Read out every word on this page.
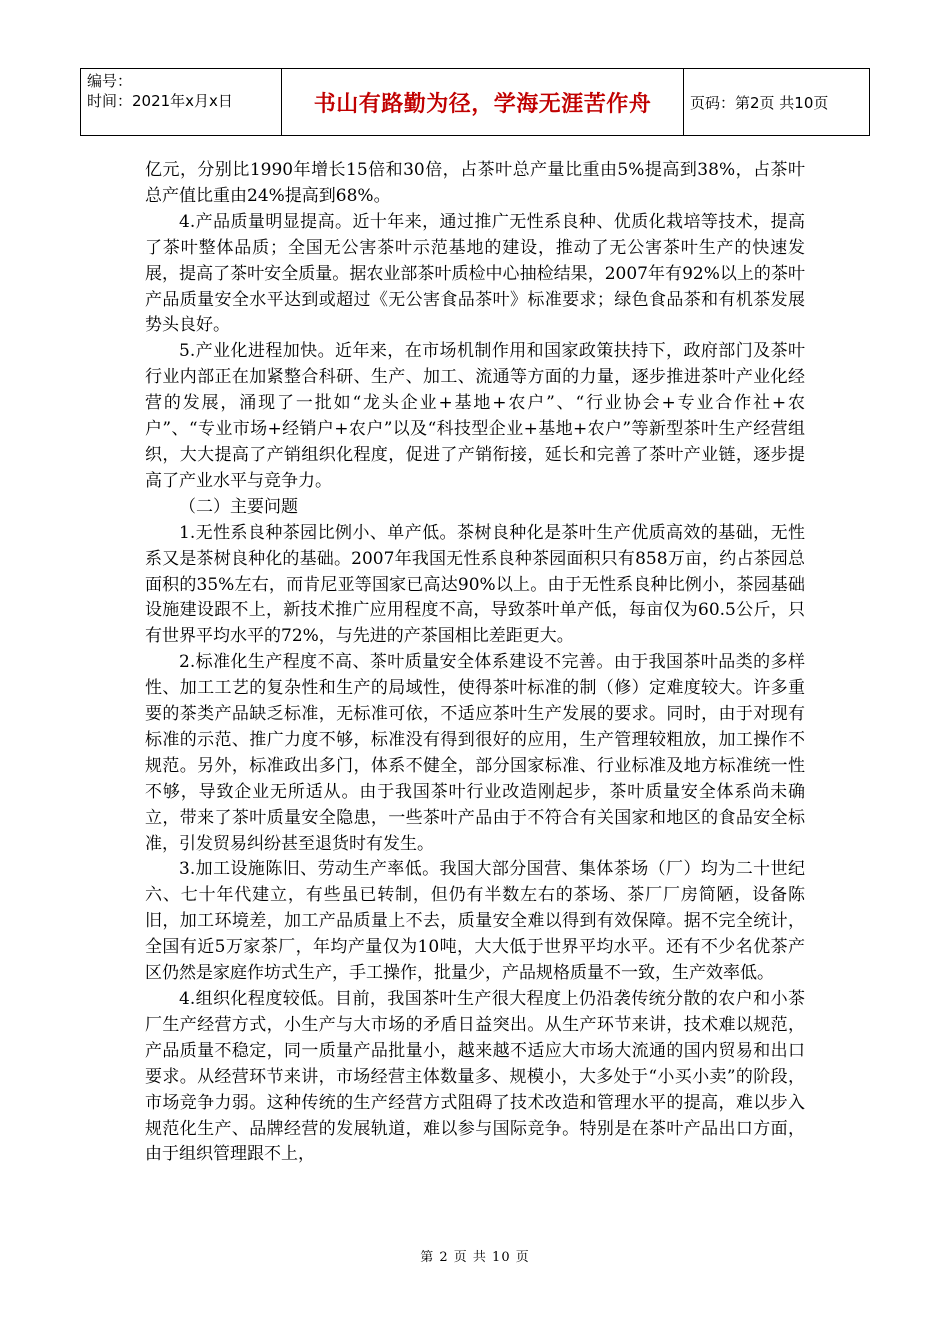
编号：
时间：2021年x月x日	书山有路勤为径，学海无涯苦作舟	页码：第2页 共10页

亿元，分别比1990年增长15倍和30倍，占茶叶总产量比重由5%提高到38%，占茶叶总产值比重由24%提高到68%。

4.产品质量明显提高。近十年来，通过推广无性系良种、优质化栽培等技术，提高了茶叶整体品质；全国无公害茶叶示范基地的建设，推动了无公害茶叶生产的快速发展，提高了茶叶安全质量。据农业部茶叶质检中心抽检结果，2007年有92%以上的茶叶产品质量安全水平达到或超过《无公害食品茶叶》标准要求；绿色食品茶和有机茶发展势头良好。

5.产业化进程加快。近年来，在市场机制作用和国家政策扶持下，政府部门及茶叶行业内部正在加紧整合科研、生产、加工、流通等方面的力量，逐步推进茶叶产业化经营的发展，涌现了一批如“龙头企业+基地+农户”、“行业协会+专业合作社+农户”、“专业市场+经销户+农户”以及“科技型企业+基地+农户”等新型茶叶生产经营组织，大大提高了产销组织化程度，促进了产销衔接，延长和完善了茶叶产业链，逐步提高了产业水平与竞争力。

（二）主要问题

1.无性系良种茶园比例小、单产低。茶树良种化是茶叶生产优质高效的基础，无性系又是茶树良种化的基础。2007年我国无性系良种茶园面积只有858万亩，约占茶园总面积的35%左右，而肯尼亚等国家已高达90%以上。由于无性系良种比例小，茶园基础设施建设跟不上，新技术推广应用程度不高，导致茶叶单产低，每亩仅为60.5公斤，只有世界平均水平的72%，与先进的产茶国相比差距更大。

2.标准化生产程度不高、茶叶质量安全体系建设不完善。由于我国茶叶品类的多样性、加工工艺的复杂性和生产的局域性，使得茶叶标准的制（修）定难度较大。许多重要的茶类产品缺乏标准，无标准可依，不适应茶叶生产发展的要求。同时，由于对现有标准的示范、推广力度不够，标准没有得到很好的应用，生产管理较粗放，加工操作不规范。另外，标准政出多门，体系不健全，部分国家标准、行业标准及地方标准统一性不够，导致企业无所适从。由于我国茶叶行业改造刚起步，茶叶质量安全体系尚未确立，带来了茶叶质量安全隐患，一些茶叶产品由于不符合有关国家和地区的食品安全标准，引发贸易纠纷甚至退货时有发生。

3.加工设施陈旧、劳动生产率低。我国大部分国营、集体茶场（厂）均为二十世纪六、七十年代建立，有些虽已转制，但仍有半数左右的茶场、茶厂厂房简陋，设备陈旧，加工环境差，加工产品质量上不去，质量安全难以得到有效保障。据不完全统计，全国有近5万家茶厂，年均产量仅为10吨，大大低于世界平均水平。还有不少名优茶产区仍然是家庭作坊式生产，手工操作，批量少，产品规格质量不一致，生产效率低。

4.组织化程度较低。目前，我国茶叶生产很大程度上仍沿袭传统分散的农户和小茶厂生产经营方式，小生产与大市场的矛盾日益突出。从生产环节来讲，技术难以规范，产品质量不稳定，同一质量产品批量小，越来越不适应大市场大流通的国内贸易和出口要求。从经营环节来讲，市场经营主体数量多、规模小，大多处于“小买小卖”的阶段，市场竞争力弱。这种传统的生产经营方式阻碍了技术改造和管理水平的提高，难以步入规范化生产、品牌经营的发展轨道，难以参与国际竞争。特别是在茶叶产品出口方面，由于组织管理跟不上，

第 2 页 共 10 页
